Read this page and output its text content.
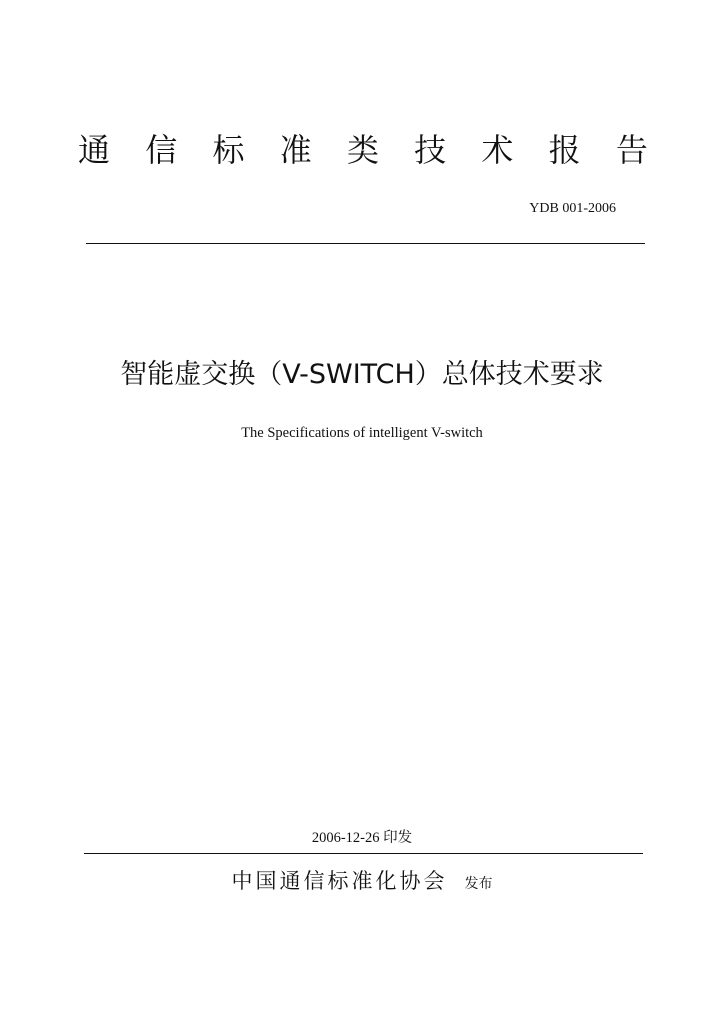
通 信 标 准 类 技 术 报 告
YDB 001-2006
智能虚交换（V-SWITCH）总体技术要求
The Specifications of intelligent V-switch
2006-12-26 印发
中国通信标准化协会 发布
